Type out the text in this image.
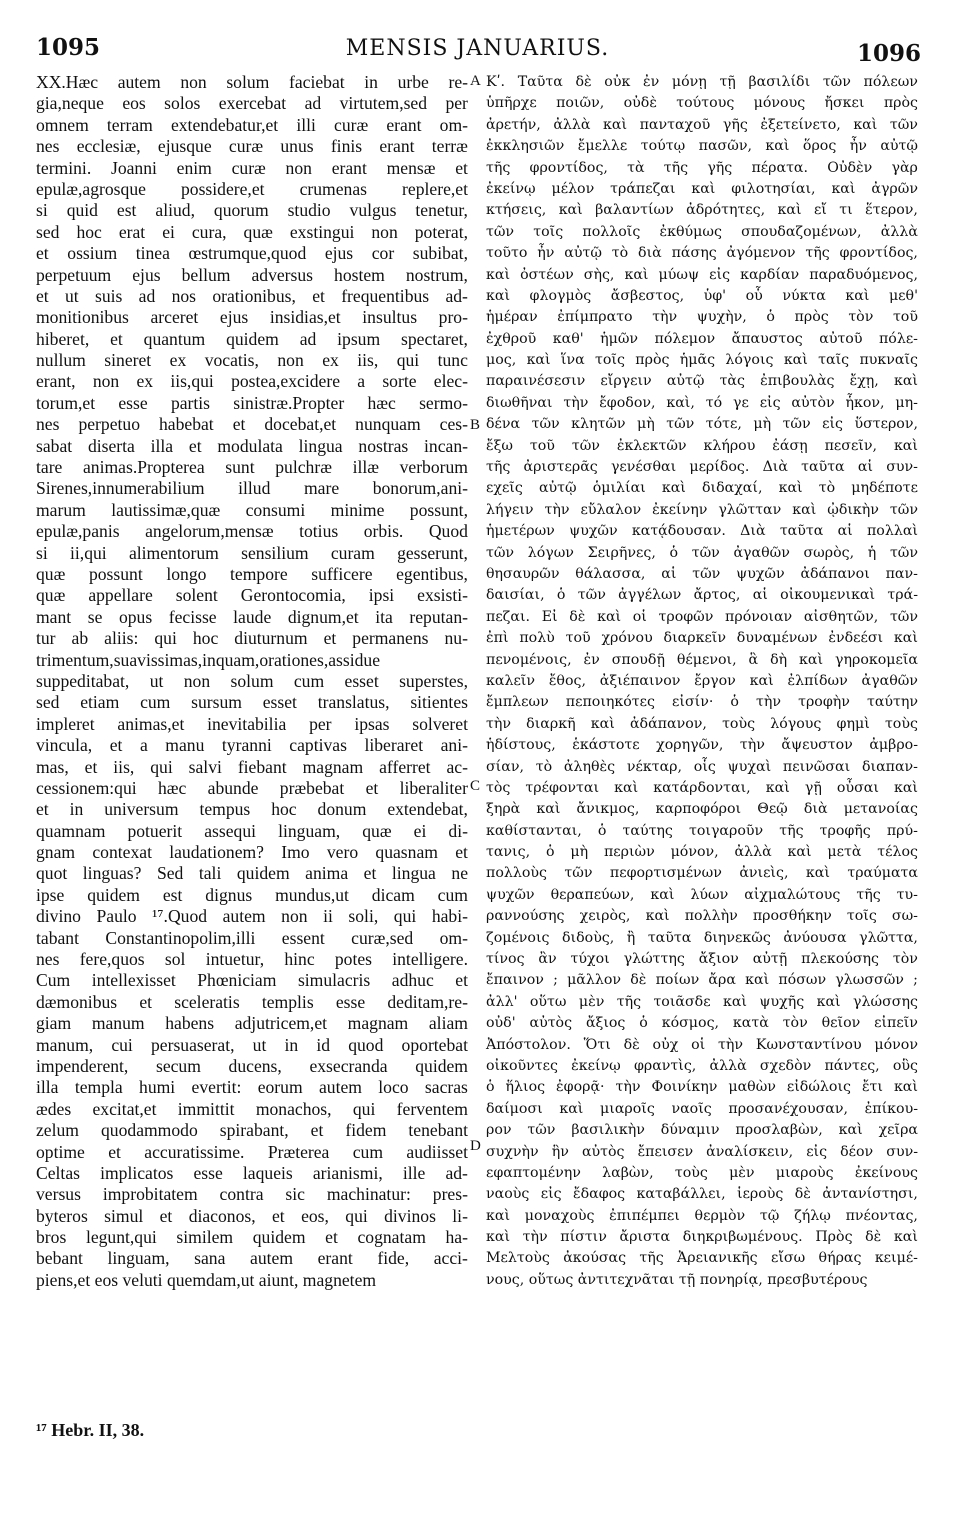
1095	MENSIS JANUARIUS.	1096
XX.Hæc autem non solum faciebat in urbe re-
gia,neque eos solos exercebat ad virtutem,sed per
omnem terram extendebatur,et illi curæ erant om-
nes ecclesiæ, ejusque curæ unus finis erant terræ
termini. Joanni enim curæ non erant mensæ et
epulæ,agrosque possidere,et crumenas replere,et
si quid est aliud, quorum studio vulgus tenetur,
sed hoc erat ei cura, quæ exstingui non poterat,
et ossium tinea œstrumque,quod ejus cor subibat,
perpetuum ejus bellum adversus hostem nostrum,
et ut suis ad nos orationibus, et frequentibus ad-
monitionibus arceret ejus insidias,et insultus pro-
hiberet, et quantum quidem ad ipsum spectaret,
nullum sineret ex vocatis, non ex iis, qui tunc
erant, non ex iis,qui postea,excidere a sorte elec-
torum,et esse partis sinistræ.Propter hæc sermo-
nes perpetuo habebat et docebat,et nunquam ces-
sabat diserta illa et modulata lingua nostras incan-
tare animas.Propterea sunt pulchræ illæ verborum
Sirenes,innumerabilium illud mare bonorum,ani-
marum lautissimæ,quæ consumi minime possunt,
epulæ,panis angelorum,mensæ totius orbis. Quod
si ii,qui alimentorum sensilium curam gesserunt,
quæ possunt longo tempore sufficere egentibus,
quæ appellare solent Gerontocomia, ipsi exsisti-
mant se opus fecisse laude dignum,et ita reputan-
tur ab aliis: qui hoc diuturnum et permanens nu-
trimentum,suavissimas,inquam,orationes,assidue
suppeditabat, ut non solum cum esset superstes,
sed etiam cum sursum esset translatus, sitientes
impleret animas,et inevitabilia per ipsas solveret
vincula, et a manu tyranni captivas liberaret ani-
mas, et iis, qui salvi fiebant magnam afferret ac-
cessionem:qui hæc abunde præbebat et liberaliter
et in universum tempus hoc donum extendebat,
quamnam potuerit assequi linguam, quæ ei di-
gnam contexat laudationem? Imo vero quasnam et
quot linguas? Sed tali quidem anima et lingua ne
ipse quidem est dignus mundus,ut dicam cum
divino Paulo ¹⁷.Quod autem non ii soli, qui habi-
tabant Constantinopolim,illi essent curæ,sed om-
nes fere,quos sol intuetur, hinc potes intelligere.
Cum intellexisset Phœniciam simulacris adhuc et
dæmonibus et sceleratis templis esse deditam,re-
giam manum habens adjutricem,et magnam aliam
manum, cui persuaserat, ut in id quod oportebat
impenderent, secum ducens, exsecranda quidem
illa templa humi evertit: eorum autem loco sacras
ædes excitat,et immittit monachos, qui ferventem
zelum quodammodo spirabant, et fidem tenebant
optime et accuratissime. Præterea cum audiisset
Celtas implicatos esse laqueis arianismi, ille ad-
versus improbitatem contra sic machinatur: pres-
byteros simul et diaconos, et eos, qui divinos li-
bros legunt,qui similem quidem et cognatam ha-
bebant linguam, sana autem erant fide, acci-
piens,et eos veluti quemdam,ut aiunt, magnetem
Κʹ. Ταῦτα δὲ οὐκ ἐν μόνῃ τῇ βασιλίδι τῶν πόλεων
ὑπῆρχε ποιῶν, οὐδὲ τούτους μόνους ἤσκει πρὸς
ἀρετήν, ἀλλὰ καὶ πανταχοῦ γῆς ἐξετείνετο, καὶ τῶν
ἐκκλησιῶν ἔμελλε τούτῳ πασῶν, καὶ ὅρος ἦν αὐτῷ
τῆς φροντίδος, τὰ τῆς γῆς πέρατα. Οὐδὲν γὰρ
ἐκείνῳ μέλον τράπεζαι καὶ φιλοτησίαι, καὶ ἀγρῶν
κτήσεις, καὶ βαλαντίων ἀδρότητες, καὶ εἴ τι ἕτερον,
τῶν τοῖς πολλοῖς ἐκθύμως σπουδαζομένων, ἀλλὰ
τοῦτο ἦν αὐτῷ τὸ διὰ πάσης ἀγόμενον τῆς φροντίδος,
καὶ ὀστέων σὴς, καὶ μύωψ εἰς καρδίαν παραδυόμενος,
καὶ φλογμὸς ἄσβεστος, ὑφ' οὗ νύκτα καὶ μεθ'
ἡμέραν ἐπίμπρατο τὴν ψυχὴν, ὁ πρὸς τὸν τοῦ
ἐχθροῦ καθ' ἡμῶν πόλεμον ἄπαυστος αὐτοῦ πόλε-
μος, καὶ ἵνα τοῖς πρὸς ἡμᾶς λόγοις καὶ ταῖς πυκναῖς
παραινέσεσιν εἴργειν αὐτῷ τὰς ἐπιβουλὰς ἔχῃ, καὶ
διωθῆναι τὴν ἔφοδον, καὶ, τό γε εἰς αὐτὸν ἧκον, μη-
δένα τῶν κλητῶν μὴ τῶν τότε, μὴ τῶν εἰς ὕστερον,
ἔξω τοῦ τῶν ἐκλεκτῶν κλήρου ἐάσῃ πεσεῖν, καὶ
τῆς ἀριστερᾶς γενέσθαι μερίδος. Διὰ ταῦτα αἱ συν-
εχεῖς αὐτῷ ὁμιλίαι καὶ διδαχαί, καὶ τὸ μηδέποτε
λήγειν τὴν εὔλαλον ἐκείνην γλῶτταν καὶ ᾠδικὴν τῶν
ἡμετέρων ψυχῶν κατᾴδουσαν. Διὰ ταῦτα αἱ πολλαὶ
τῶν λόγων Σειρῆνες, ὁ τῶν ἀγαθῶν σωρὸς, ἡ τῶν
θησαυρῶν θάλασσα, αἱ τῶν ψυχῶν ἀδάπανοι παν-
δαισίαι, ὁ τῶν ἀγγέλων ἄρτος, αἱ οἰκουμενικαὶ τρά-
πεζαι. Εἰ δὲ καὶ οἱ τροφῶν πρόνοιαν αἰσθητῶν, τῶν
ἐπὶ πολὺ τοῦ χρόνου διαρκεῖν δυναμένων ἐνδεέσι καὶ
πενομένοις, ἐν σπουδῇ θέμενοι, ἃ δὴ καὶ γηροκομεῖα
καλεῖν ἔθος, ἀξιέπαινον ἔργον καὶ ἐλπίδων ἀγαθῶν
ἔμπλεων πεποιηκότες εἰσίν· ὁ τὴν τροφὴν ταύτην
τὴν διαρκῆ καὶ ἀδάπανον, τοὺς λόγους φημὶ τοὺς
ἡδίστους, ἑκάστοτε χορηγῶν, τὴν ἄψευστον ἀμβρο-
σίαν, τὸ ἀληθὲς νέκταρ, οἷς ψυχαὶ πεινῶσαι διαπαν-
τὸς τρέφονται καὶ κατάρδονται, καὶ γῇ οὖσαι καὶ
ξηρὰ καὶ ἄνικμος, καρποφόροι Θεῷ διὰ μετανοίας
καθίστανται, ὁ ταύτης τοιγαροῦν τῆς τροφῆς πρύ-
τανις, ὁ μὴ περιὼν μόνον, ἀλλὰ καὶ μετὰ τέλος
πολλοὺς τῶν πεφορτισμένων ἀνιεὶς, καὶ τραύματα
ψυχῶν θεραπεύων, καὶ λύων αἰχμαλώτους τῆς τυ-
ραννούσης χειρὸς, καὶ πολλὴν προσθήκην τοῖς σω-
ζομένοις διδοὺς, ἢ ταῦτα διηνεκῶς ἀνύουσα γλῶττα,
τίνος ἂν τύχοι γλώττης ἄξιον αὐτῇ πλεκούσης τὸν
ἔπαινον ; μᾶλλον δὲ ποίων ἄρα καὶ πόσων γλωσσῶν ;
ἀλλ' οὕτω μὲν τῆς τοιᾶσδε καὶ ψυχῆς καὶ γλώσσης
οὐδ' αὐτὸς ἄξιος ὁ κόσμος, κατὰ τὸν θεῖον εἰπεῖν
Ἀπόστολον. Ὅτι δὲ οὐχ οἱ τὴν Κωνσταντίνου μόνον
οἰκοῦντες ἐκείνῳ φραντὶς, ἀλλὰ σχεδὸν πάντες, οὓς
ὁ ἥλιος ἐφορᾷ· τὴν Φοινίκην μαθὼν εἰδώλοις ἔτι καὶ
δαίμοσι καὶ μιαροῖς ναοῖς προσανέχουσαν, ἐπίκου-
ρον τῶν βασιλικὴν δύναμιν προσλαβὼν, καὶ χεῖρα
συχνὴν ἣν αὐτὸς ἔπεισεν ἀναλίσκειν, εἰς δέον συν-
εφαπτομένην λαβὼν, τοὺς μὲν μιαροὺς ἐκείνους
ναοὺς εἰς ἔδαφος καταβάλλει, ἱεροὺς δὲ ἀντανίστησι,
καὶ μοναχοὺς ἐπιπέμπει θερμὸν τῷ ζήλῳ πνέοντας,
καὶ τὴν πίστιν ἄριστα διηκριβωμένους. Πρὸς δὲ καὶ
Μελτοὺς ἀκούσας τῆς Ἀρειανικῆς εἴσω θήρας κειμέ-
νους, οὕτως ἀντιτεχνᾶται τῇ πονηρίᾳ, πρεσβυτέρους
A
B
C
D
¹⁷ Hebr. II, 38.
